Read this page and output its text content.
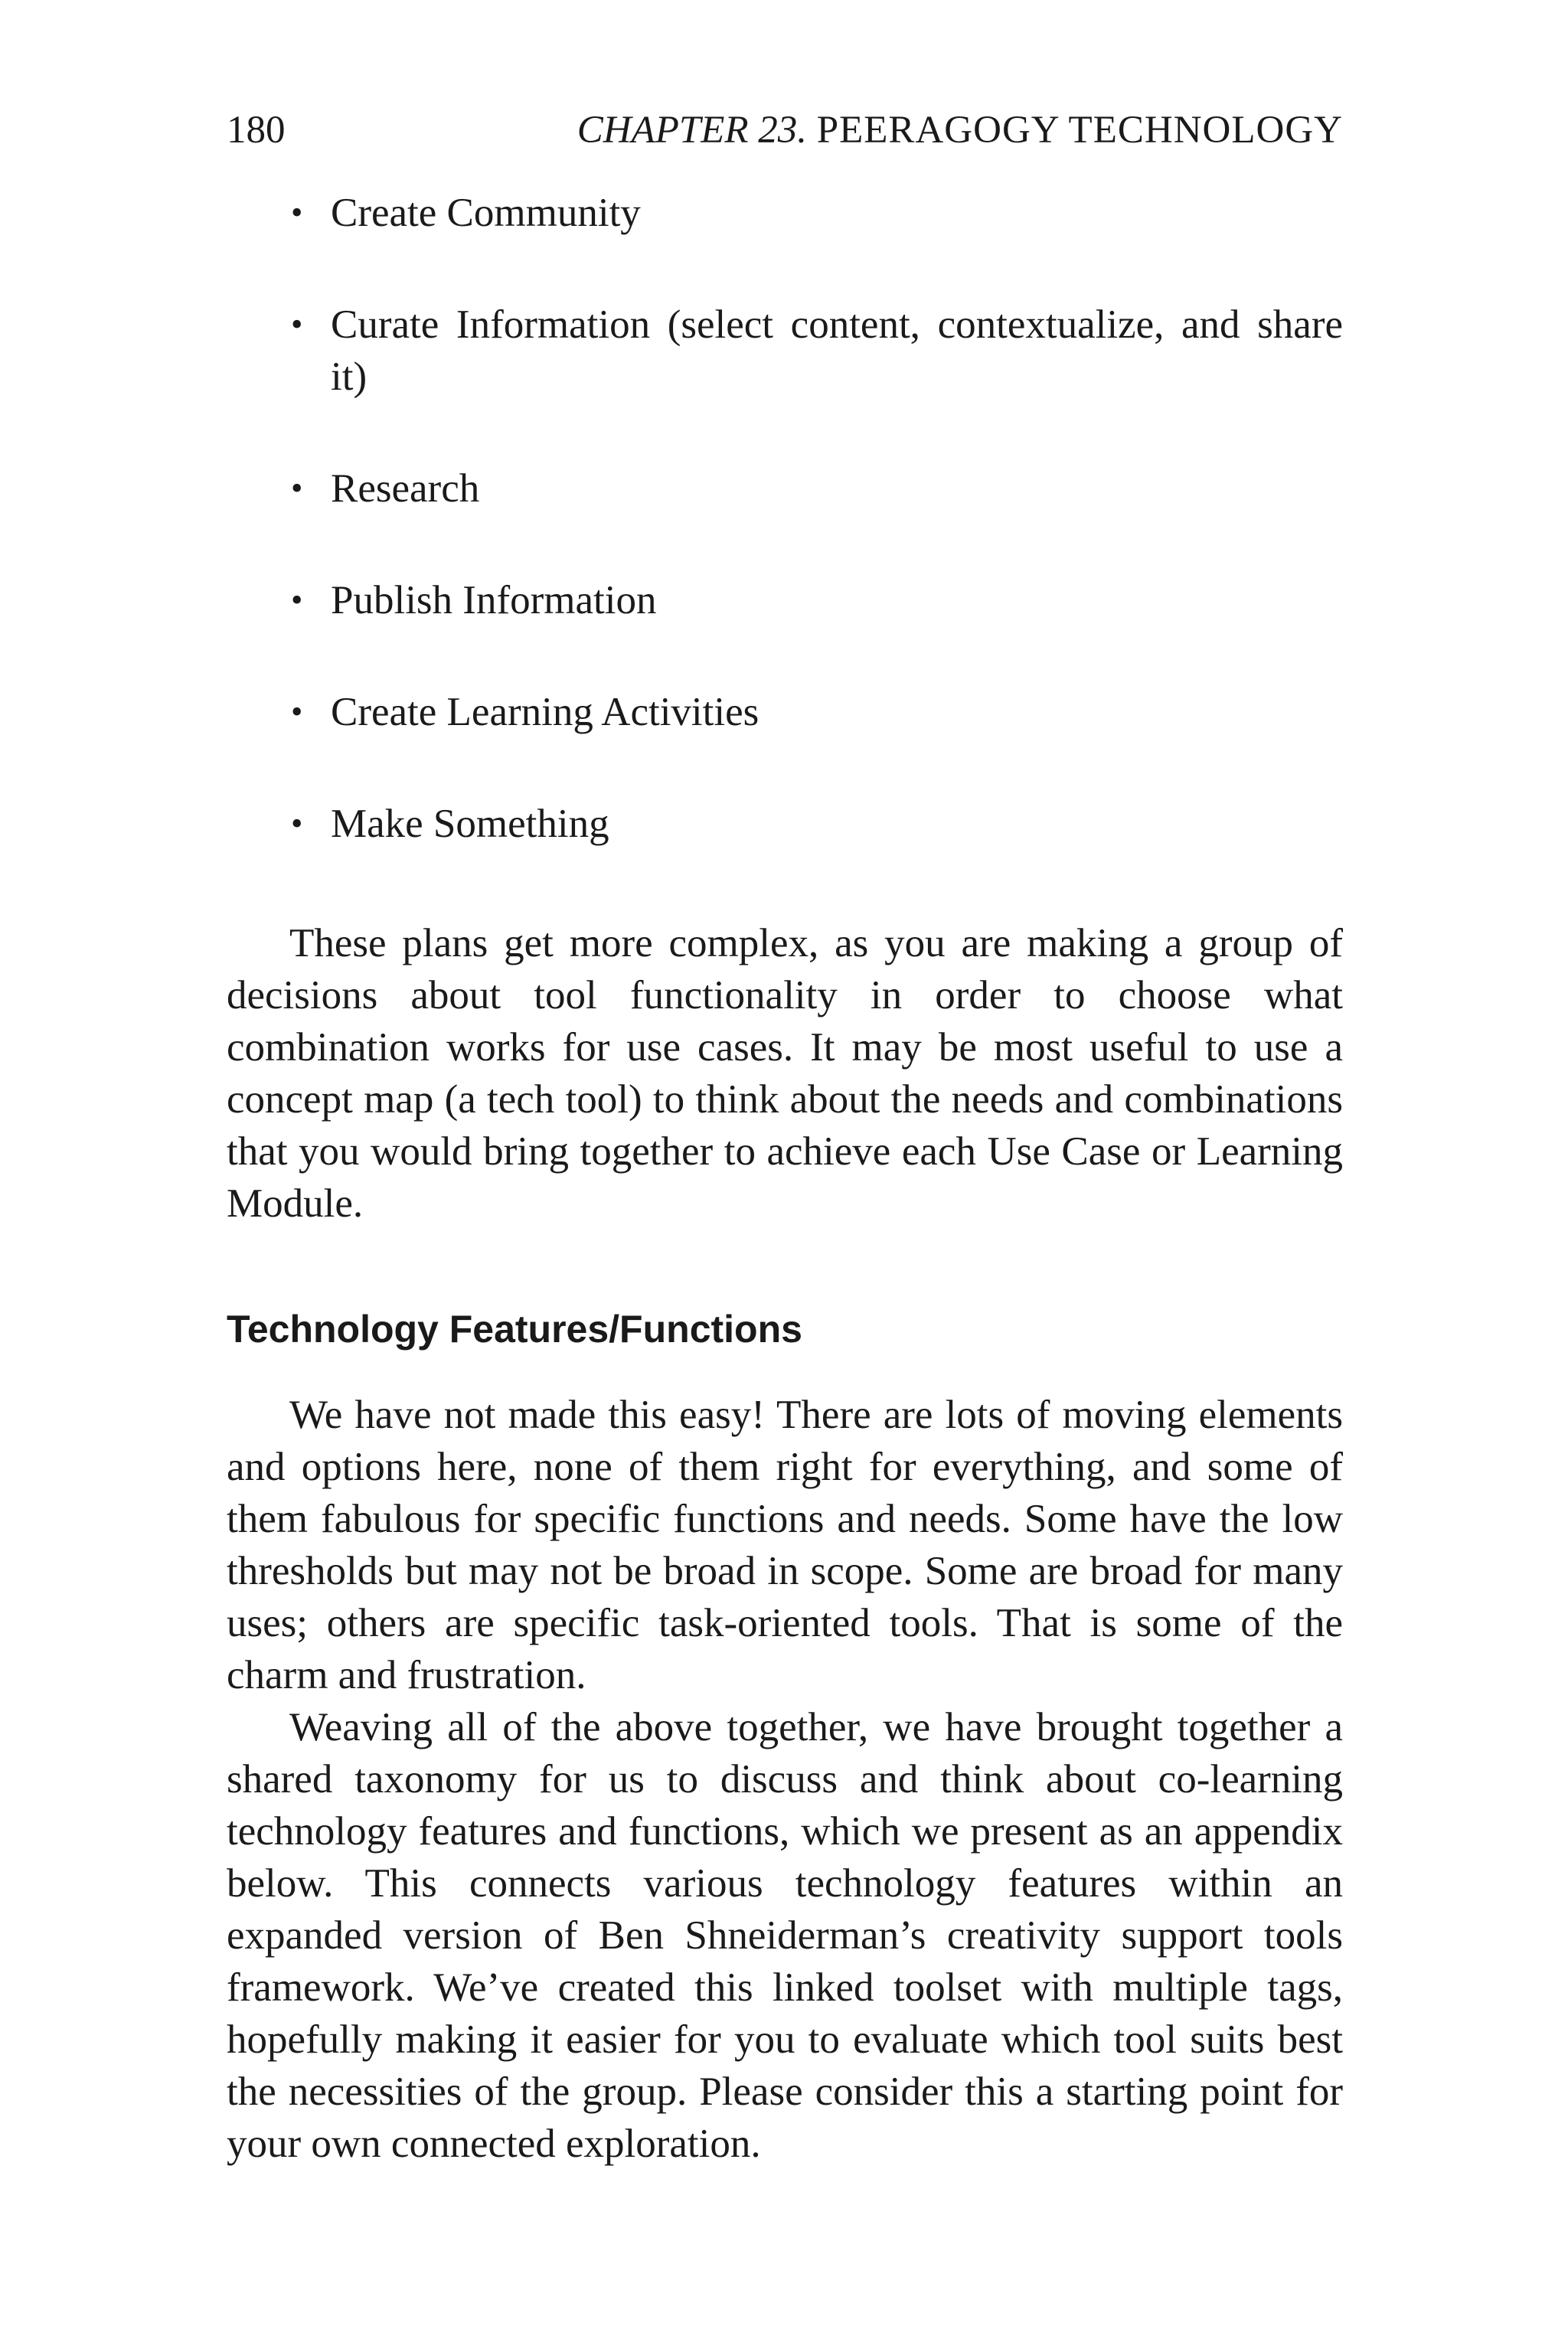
180	CHAPTER 23. PEERAGOGY TECHNOLOGY
• Create Community
• Curate Information (select content, contextualize, and share it)
• Research
• Publish Information
• Create Learning Activities
• Make Something

These plans get more complex, as you are making a group of decisions about tool functionality in order to choose what combination works for use cases. It may be most useful to use a concept map (a tech tool) to think about the needs and combinations that you would bring together to achieve each Use Case or Learning Module.

Technology Features/Functions

We have not made this easy! There are lots of moving elements and options here, none of them right for everything, and some of them fabulous for specific functions and needs. Some have the low thresholds but may not be broad in scope. Some are broad for many uses; others are specific task-oriented tools. That is some of the charm and frustration.

Weaving all of the above together, we have brought together a shared taxonomy for us to discuss and think about co-learning technology features and functions, which we present as an appendix below. This connects various technology features within an expanded version of Ben Shneiderman’s creativity support tools framework. We’ve created this linked toolset with multiple tags, hopefully making it easier for you to evaluate which tool suits best the necessities of the group. Please consider this a starting point for your own connected exploration.
